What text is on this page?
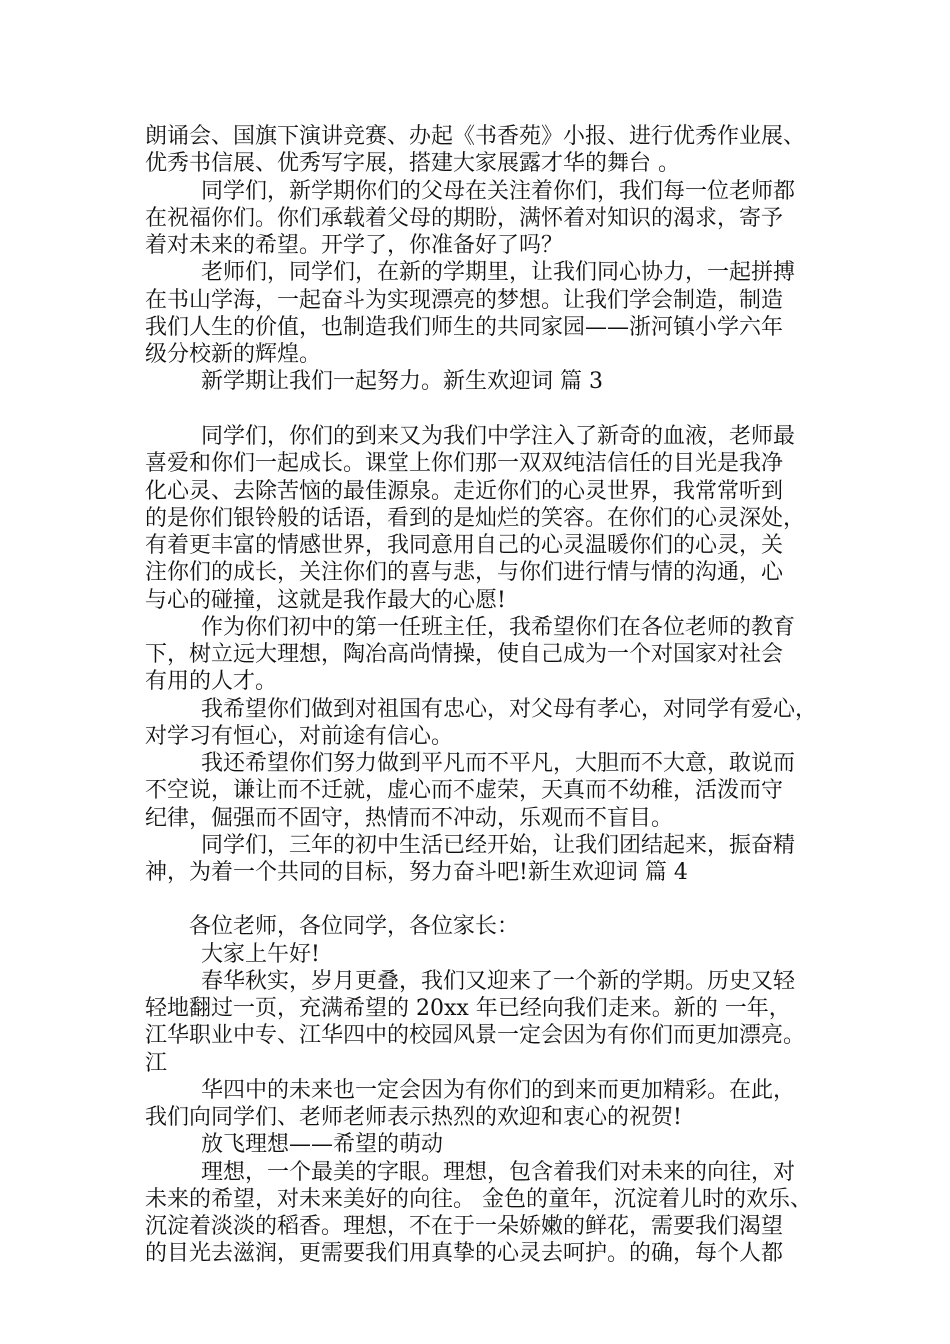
朗诵会、国旗下演讲竞赛、办起《书香苑》小报、进行优秀作业展、

优秀书信展、优秀写字展，搭建大家展露才华的舞台 。

同学们，新学期你们的父母在关注着你们，我们每一位老师都

在祝福你们。你们承载着父母的期盼，满怀着对知识的渴求，寄予

着对未来的希望。开学了，你准备好了吗？

老师们，同学们，在新的学期里，让我们同心协力，一起拼搏

在书山学海，一起奋斗为实现漂亮的梦想。让我们学会制造，制造

我们人生的价值，也制造我们师生的共同家园——浙河镇小学六年

级分校新的辉煌。

新学期让我们一起努力。新生欢迎词 篇 3

同学们，你们的到来又为我们中学注入了新奇的血液，老师最

喜爱和你们一起成长。课堂上你们那一双双纯洁信任的目光是我净

化心灵、去除苦恼的最佳源泉。走近你们的心灵世界，我常常听到

的是你们银铃般的话语，看到的是灿烂的笑容。在你们的心灵深处，

有着更丰富的情感世界，我同意用自己的心灵温暖你们的心灵，关

注你们的成长，关注你们的喜与悲，与你们进行情与情的沟通，心

与心的碰撞，这就是我作最大的心愿!

作为你们初中的第一任班主任，我希望你们在各位老师的教育

下，树立远大理想，陶冶高尚情操，使自己成为一个对国家对社会

有用的人才。

我希望你们做到对祖国有忠心，对父母有孝心，对同学有爱心，

对学习有恒心，对前途有信心。

我还希望你们努力做到平凡而不平凡，大胆而不大意，敢说而

不空说，谦让而不迁就，虚心而不虚荣，天真而不幼稚，活泼而守

纪律，倔强而不固守，热情而不冲动，乐观而不盲目。

同学们，三年的初中生活已经开始，让我们团结起来，振奋精

神，为着一个共同的目标，努力奋斗吧!新生欢迎词 篇 4

各位老师，各位同学，各位家长：

大家上午好!

春华秋实，岁月更叠，我们又迎来了一个新的学期。历史又轻

轻地翻过一页，充满希望的 20xx 年已经向我们走来。新的 一年，

江华职业中专、江华四中的校园风景一定会因为有你们而更加漂亮。

江

华四中的未来也一定会因为有你们的到来而更加精彩。在此，

我们向同学们、老师老师表示热烈的欢迎和衷心的祝贺!

放飞理想——希望的萌动

理想，一个最美的字眼。理想，包含着我们对未来的向往，对

未来的希望，对未来美好的向往。 金色的童年，沉淀着儿时的欢乐、

沉淀着淡淡的稻香。理想，不在于一朵娇嫩的鲜花，需要我们渴望

的目光去滋润，更需要我们用真挚的心灵去呵护。的确，每个人都
